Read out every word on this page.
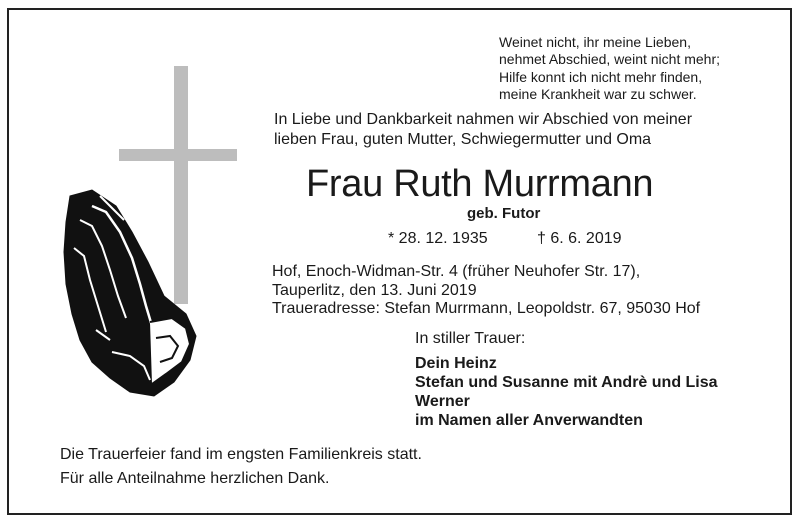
Weinet nicht, ihr meine Lieben,
nehmet Abschied, weint nicht mehr;
Hilfe konnt ich nicht mehr finden,
meine Krankheit war zu schwer.
In Liebe und Dankbarkeit nahmen wir Abschied von meiner
lieben Frau, guten Mutter, Schwiegermutter und Oma
Frau Ruth Murrmann
geb. Futor
* 28. 12. 1935	† 6. 6. 2019
Hof, Enoch-Widman-Str. 4 (früher Neuhofer Str. 17),
Tauperlitz, den 13. Juni 2019
Traueradresse: Stefan Murrmann, Leopoldstr. 67, 95030 Hof
In stiller Trauer:
Dein Heinz
Stefan und Susanne mit Andrè und Lisa
Werner
im Namen aller Anverwandten
Die Trauerfeier fand im engsten Familienkreis statt.
Für alle Anteilnahme herzlichen Dank.
